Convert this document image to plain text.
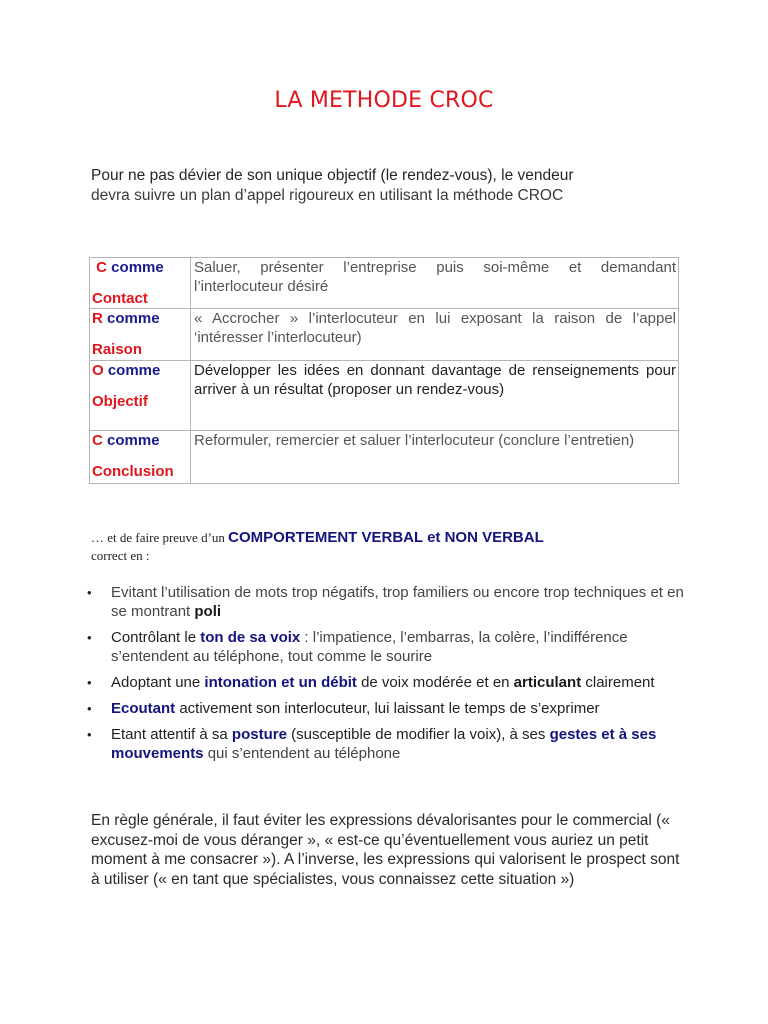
LA METHODE CROC
Pour ne pas dévier de son unique objectif (le rendez-vous), le vendeur
devra suivre un plan d’appel rigoureux en utilisant la méthode CROC
C comme
Contact	Saluer, présenter l’entreprise puis soi-même et demandant l’interlocuteur désiré
R comme
Raison	« Accrocher » l’interlocuteur en lui exposant la raison de l’appel ‘intéresser l’interlocuteur)
O comme
Objectif	Développer les idées en donnant davantage de renseignements pour arriver à un résultat (proposer un rendez-vous)
C comme
Conclusion	Reformuler, remercier et saluer l’interlocuteur (conclure l’entretien)
… et de faire preuve d’un COMPORTEMENT VERBAL et NON VERBAL
correct en :
• Evitant l’utilisation de mots trop négatifs, trop familiers ou encore trop techniques et en se montrant poli
• Contrôlant le ton de sa voix : l’impatience, l’embarras, la colère, l’indifférence s’entendent au téléphone, tout comme le sourire
• Adoptant une intonation et un débit de voix modérée et en articulant clairement
• Ecoutant activement son interlocuteur, lui laissant le temps de s’exprimer
• Etant attentif à sa posture (susceptible de modifier la voix), à ses gestes et à ses mouvements qui s’entendent au téléphone
En règle générale, il faut éviter les expressions dévalorisantes pour le commercial (« excusez-moi de vous déranger », « est-ce qu’éventuellement vous auriez un petit moment à me consacrer »). A l’inverse, les expressions qui valorisent le prospect sont à utiliser (« en tant que spécialistes, vous connaissez cette situation »)
